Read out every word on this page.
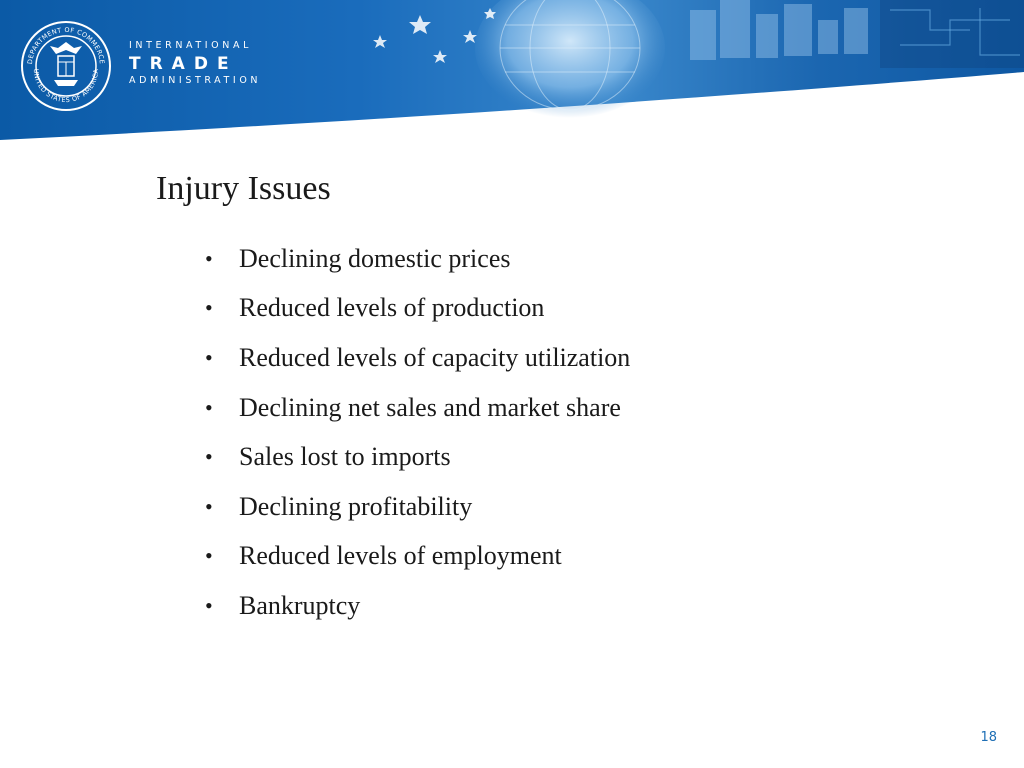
DEPARTMENT OF COMMERCE
UNITED STATES OF AMERICA
INTERNATIONAL
TRADE
ADMINISTRATION
Injury Issues
•	Declining domestic prices
•	Reduced levels of production
•	Reduced levels of capacity utilization
•	Declining net sales and market share
•	Sales lost to imports
•	Declining profitability
•	Reduced levels of employment
•	Bankruptcy
18
